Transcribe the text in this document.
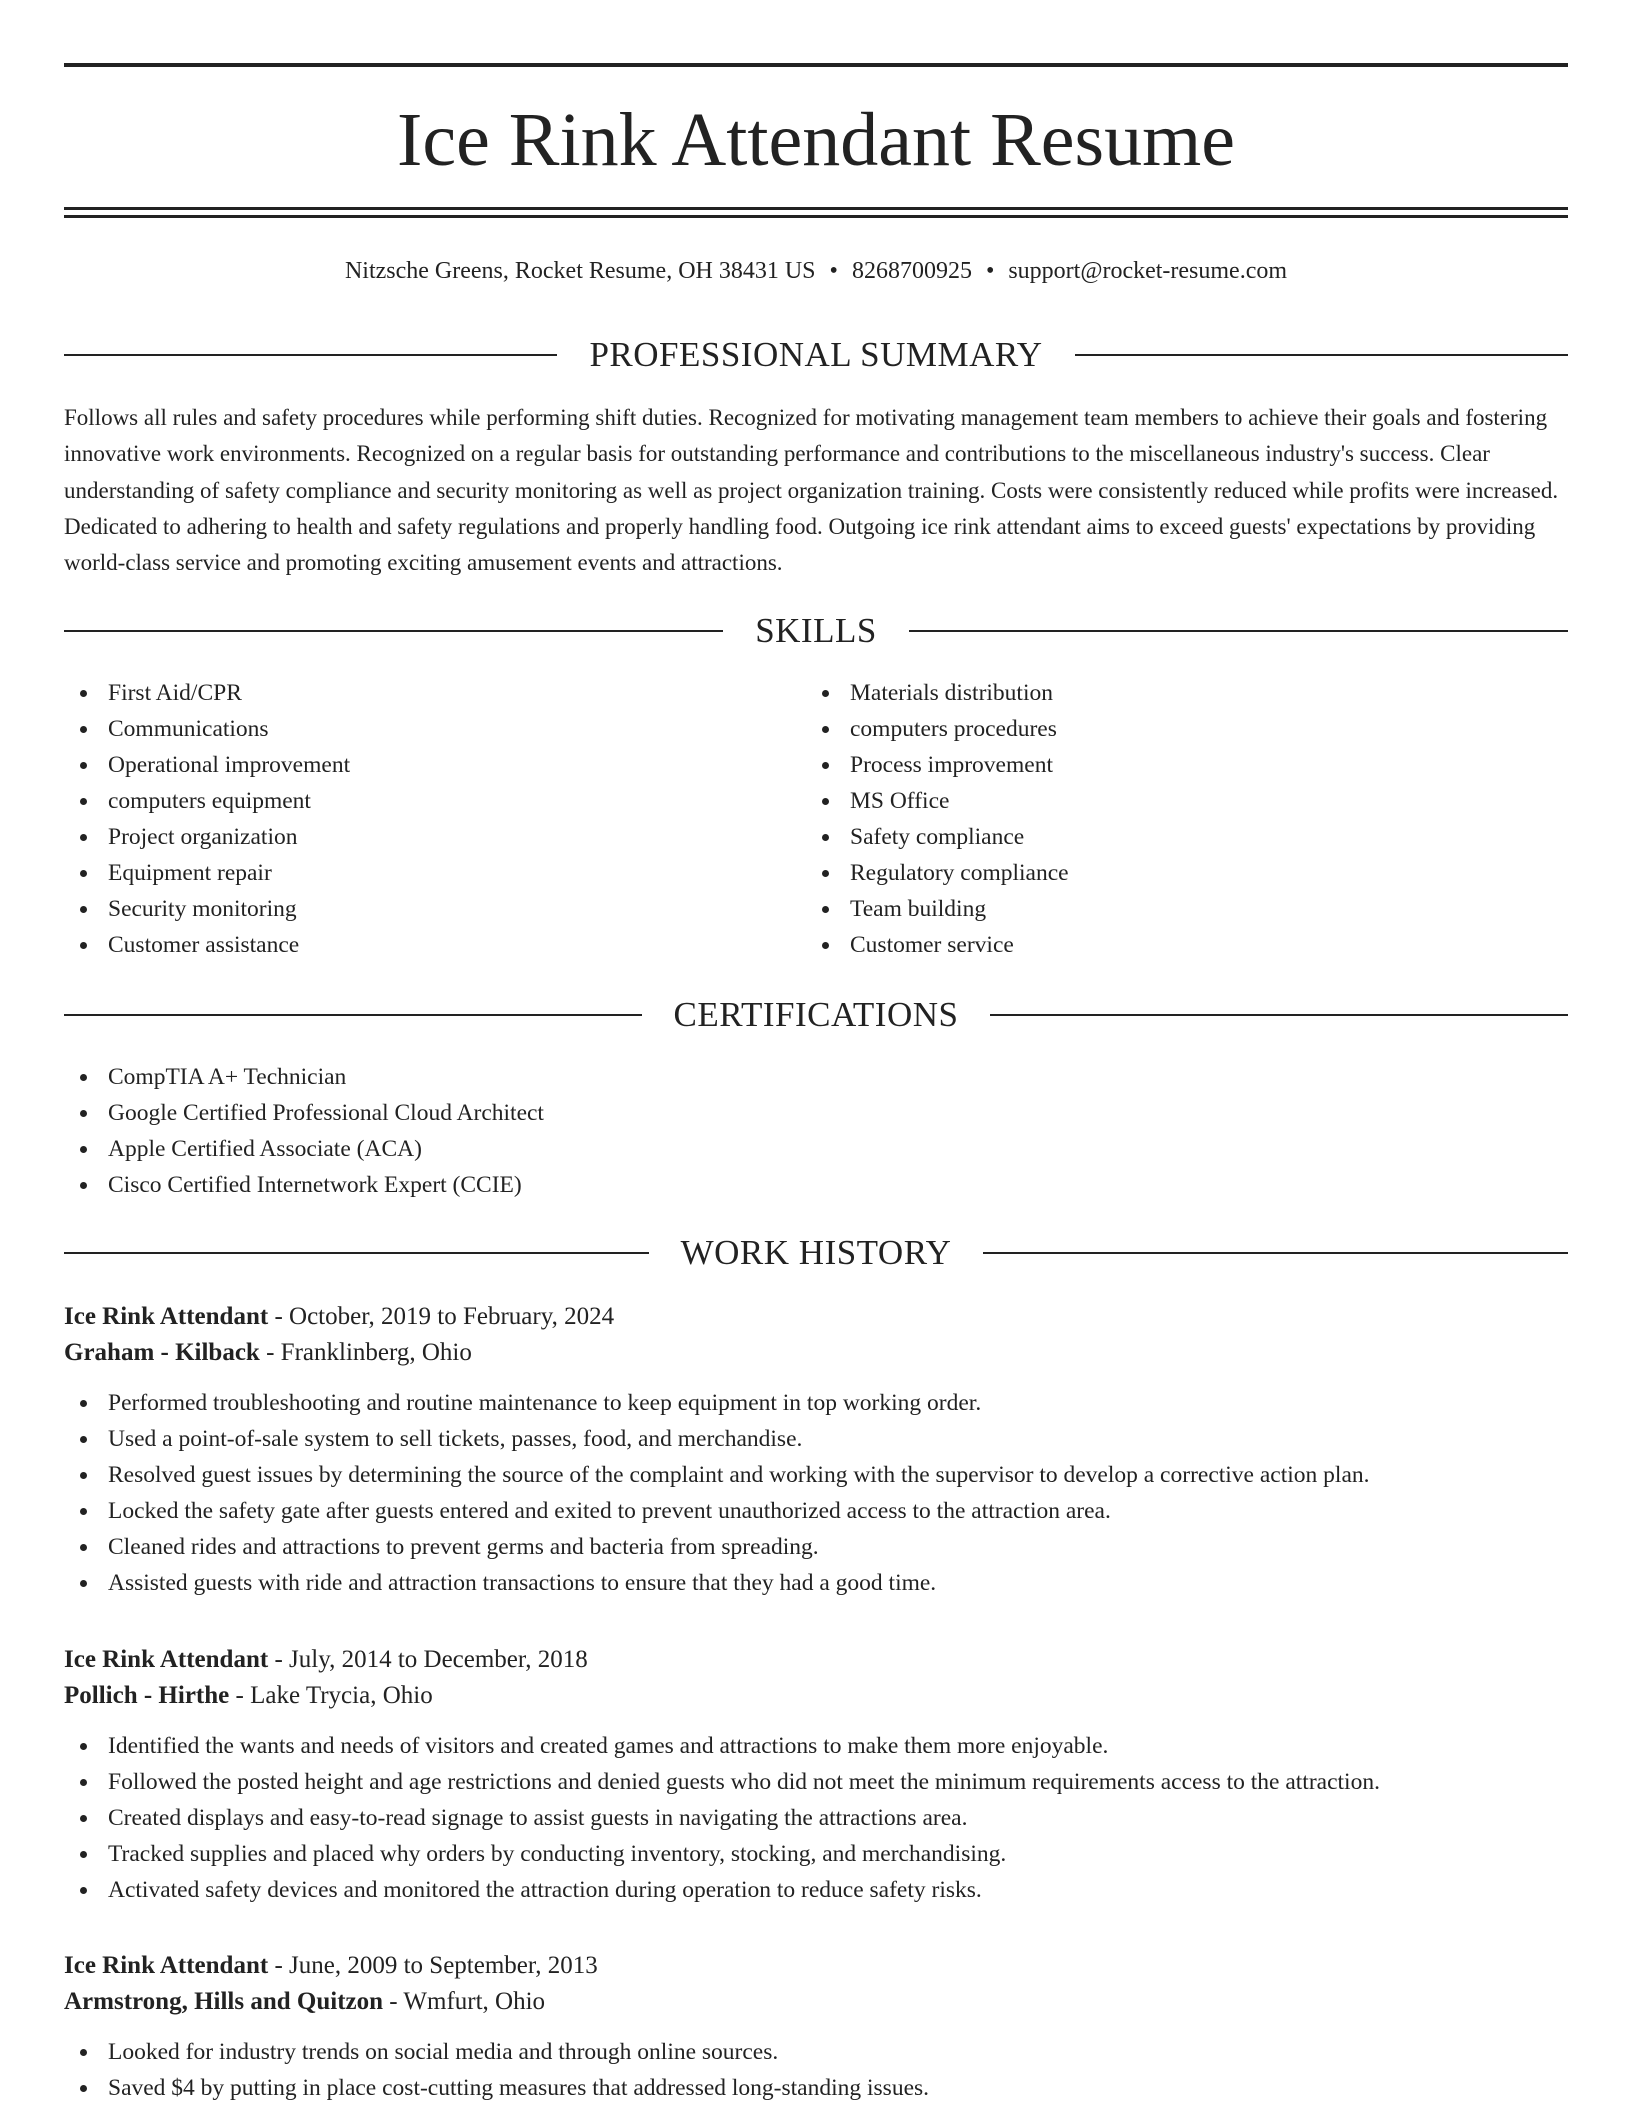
Ice Rink Attendant Resume
Nitzsche Greens, Rocket Resume, OH 38431 US • 8268700925 • support@rocket-resume.com
PROFESSIONAL SUMMARY

Follows all rules and safety procedures while performing shift duties. Recognized for motivating management team members to achieve their goals and fostering innovative work environments. Recognized on a regular basis for outstanding performance and contributions to the miscellaneous industry's success. Clear understanding of safety compliance and security monitoring as well as project organization training. Costs were consistently reduced while profits were increased. Dedicated to adhering to health and safety regulations and properly handling food. Outgoing ice rink attendant aims to exceed guests' expectations by providing world-class service and promoting exciting amusement events and attractions.

SKILLS
First Aid/CPR
Communications
Operational improvement
computers equipment
Project organization
Equipment repair
Security monitoring
Customer assistance
Materials distribution
computers procedures
Process improvement
MS Office
Safety compliance
Regulatory compliance
Team building
Customer service
CERTIFICATIONS
CompTIA A+ Technician
Google Certified Professional Cloud Architect
Apple Certified Associate (ACA)
Cisco Certified Internetwork Expert (CCIE)
WORK HISTORY
Ice Rink Attendant - October, 2019 to February, 2024
Graham - Kilback - Franklinberg, Ohio
Performed troubleshooting and routine maintenance to keep equipment in top working order.
Used a point-of-sale system to sell tickets, passes, food, and merchandise.
Resolved guest issues by determining the source of the complaint and working with the supervisor to develop a corrective action plan.
Locked the safety gate after guests entered and exited to prevent unauthorized access to the attraction area.
Cleaned rides and attractions to prevent germs and bacteria from spreading.
Assisted guests with ride and attraction transactions to ensure that they had a good time.
Ice Rink Attendant - July, 2014 to December, 2018
Pollich - Hirthe - Lake Trycia, Ohio
Identified the wants and needs of visitors and created games and attractions to make them more enjoyable.
Followed the posted height and age restrictions and denied guests who did not meet the minimum requirements access to the attraction.
Created displays and easy-to-read signage to assist guests in navigating the attractions area.
Tracked supplies and placed why orders by conducting inventory, stocking, and merchandising.
Activated safety devices and monitored the attraction during operation to reduce safety risks.
Ice Rink Attendant - June, 2009 to September, 2013
Armstrong, Hills and Quitzon - Wmfurt, Ohio
Looked for industry trends on social media and through online sources.
Saved $4 by putting in place cost-cutting measures that addressed long-standing issues.
